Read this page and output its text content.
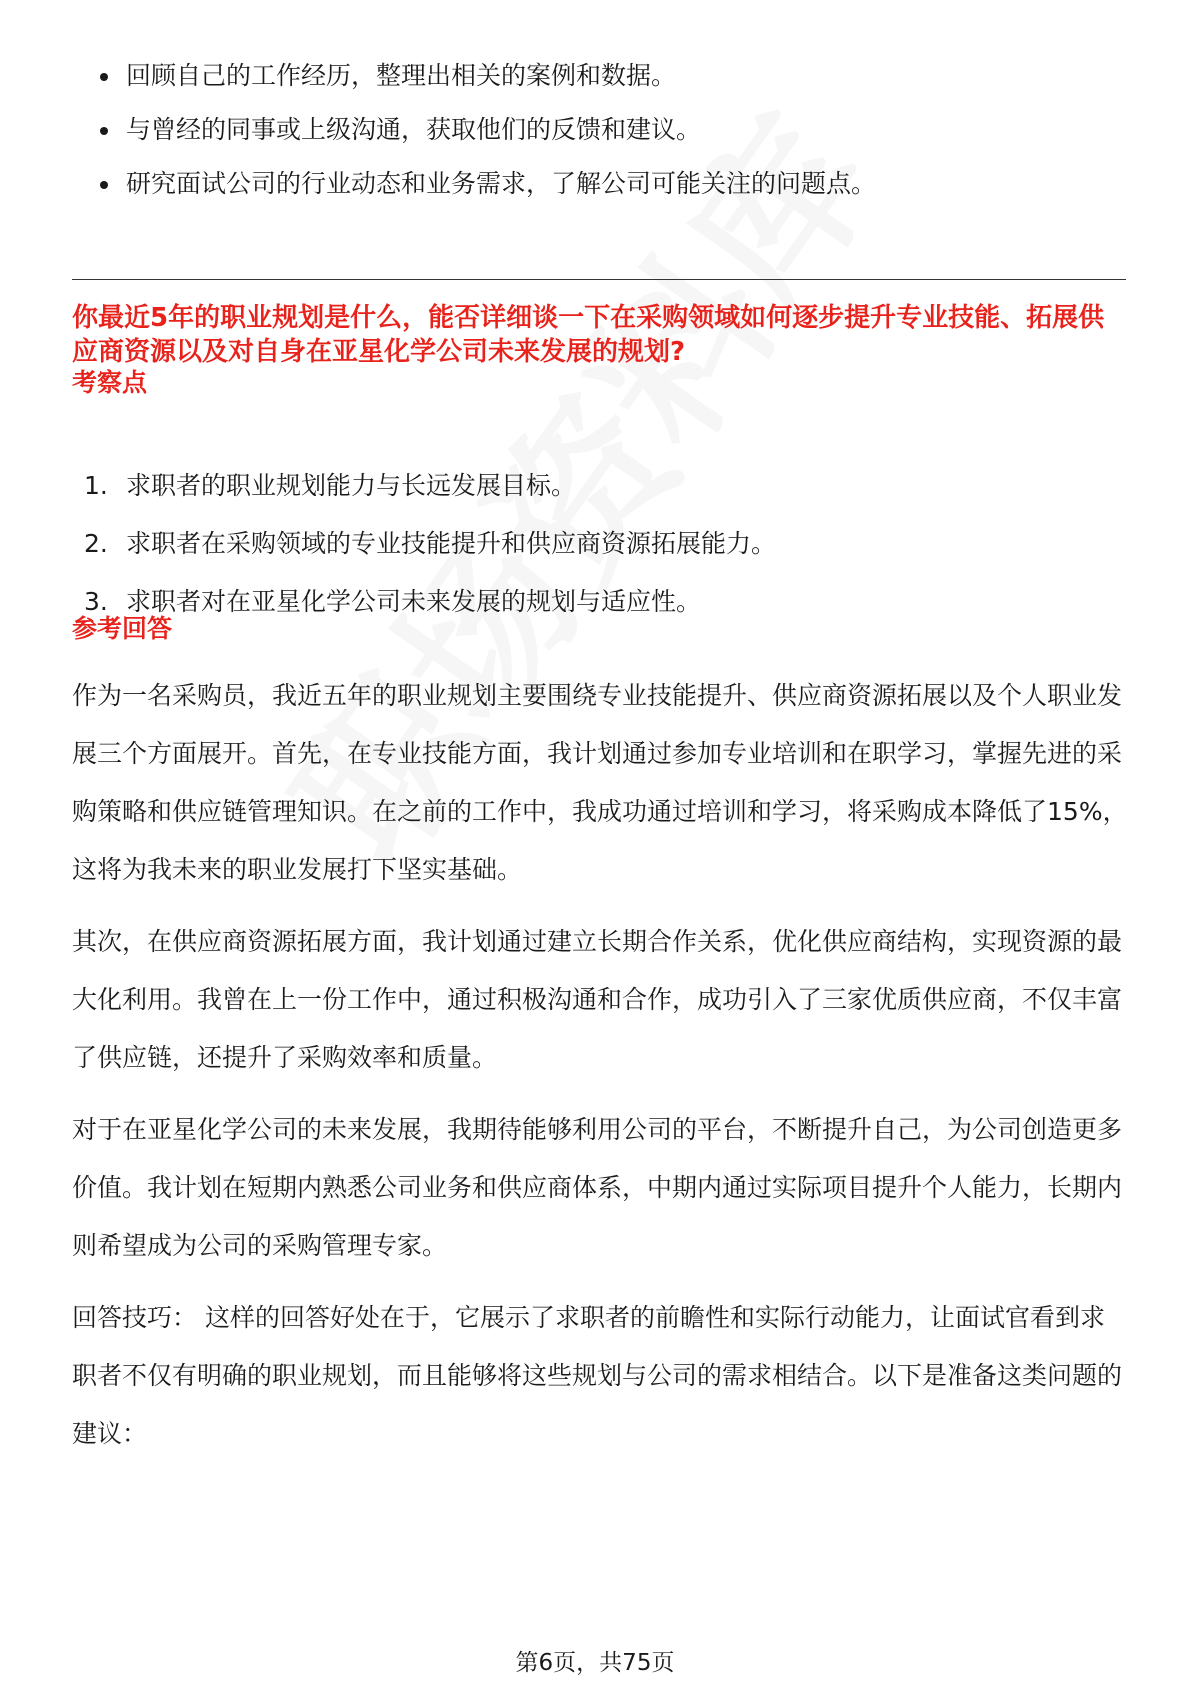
回顾自己的工作经历，整理出相关的案例和数据。
与曾经的同事或上级沟通，获取他们的反馈和建议。
研究面试公司的行业动态和业务需求，了解公司可能关注的问题点。
你最近5年的职业规划是什么，能否详细谈一下在采购领域如何逐步提升专业技能、拓展供应商资源以及对自身在亚星化学公司未来发展的规划?
考察点
1. 求职者的职业规划能力与长远发展目标。
2. 求职者在采购领域的专业技能提升和供应商资源拓展能力。
3. 求职者对在亚星化学公司未来发展的规划与适应性。
参考回答

作为一名采购员，我近五年的职业规划主要围绕专业技能提升、供应商资源拓展以及个人职业发展三个方面展开。首先，在专业技能方面，我计划通过参加专业培训和在职学习，掌握先进的采购策略和供应链管理知识。在之前的工作中，我成功通过培训和学习，将采购成本降低了15%，这将为我未来的职业发展打下坚实基础。

其次，在供应商资源拓展方面，我计划通过建立长期合作关系，优化供应商结构，实现资源的最大化利用。我曾在上一份工作中，通过积极沟通和合作，成功引入了三家优质供应商，不仅丰富了供应链，还提升了采购效率和质量。

对于在亚星化学公司的未来发展，我期待能够利用公司的平台，不断提升自己，为公司创造更多价值。我计划在短期内熟悉公司业务和供应商体系，中期内通过实际项目提升个人能力，长期内则希望成为公司的采购管理专家。

回答技巧： 这样的回答好处在于，它展示了求职者的前瞻性和实际行动能力，让面试官看到求职者不仅有明确的职业规划，而且能够将这些规划与公司的需求相结合。以下是准备这类问题的建议：

第6页，共75页
